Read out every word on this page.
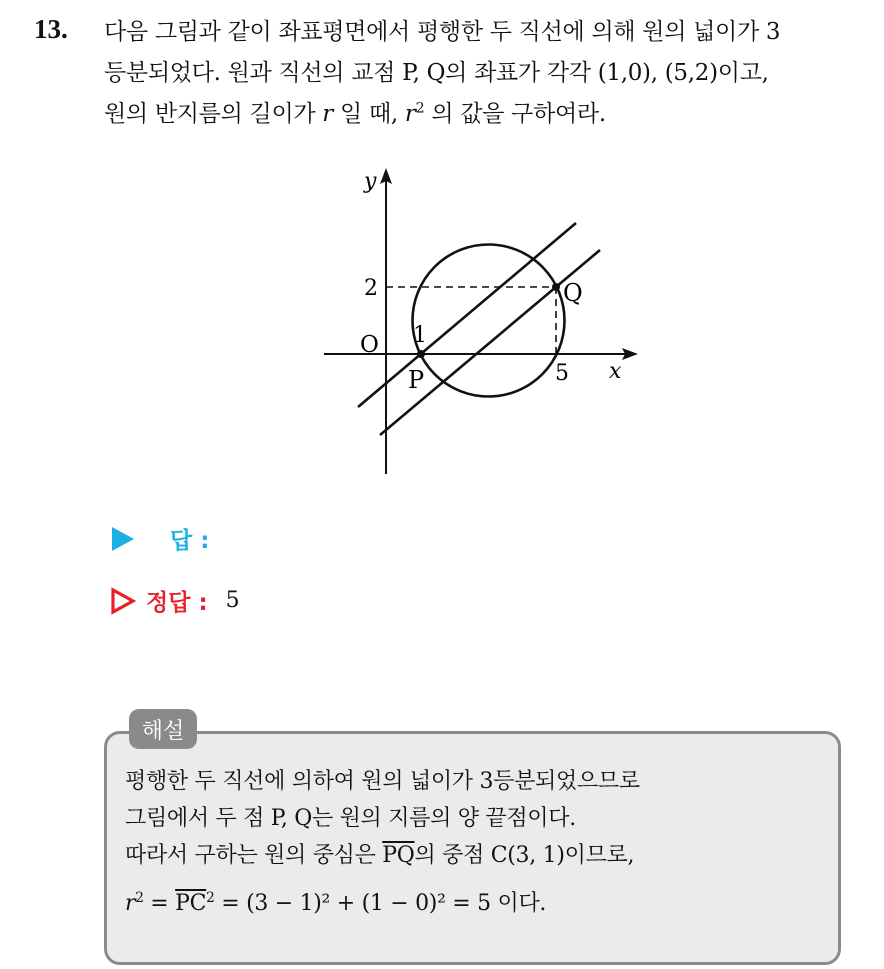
13. 다음 그림과 같이 좌표평면에서 평행한 두 직선에 의해 원의 넓이가 3
등분되었다. 원과 직선의 교점 P, Q의 좌표가 각각 (1,0), (5,2)이고,
원의 반지름의 길이가 r 일 때, $r^2$ 의 값을 구하여라.
y
x
O
2
1
5
P
Q
답 :
정답 : 5
해설
평행한 두 직선에 의하여 원의 넓이가 3등분되었으므로
그림에서 두 점 P, Q는 원의 지름의 양 끝점이다.
따라서 구하는 원의 중심은 $\overline{PQ}$의 중점 C(3, 1)이므로,
$r^2 = \overline{PC}^2 = (3 - 1)^2 + (1 - 0)^2 = 5$ 이다.
